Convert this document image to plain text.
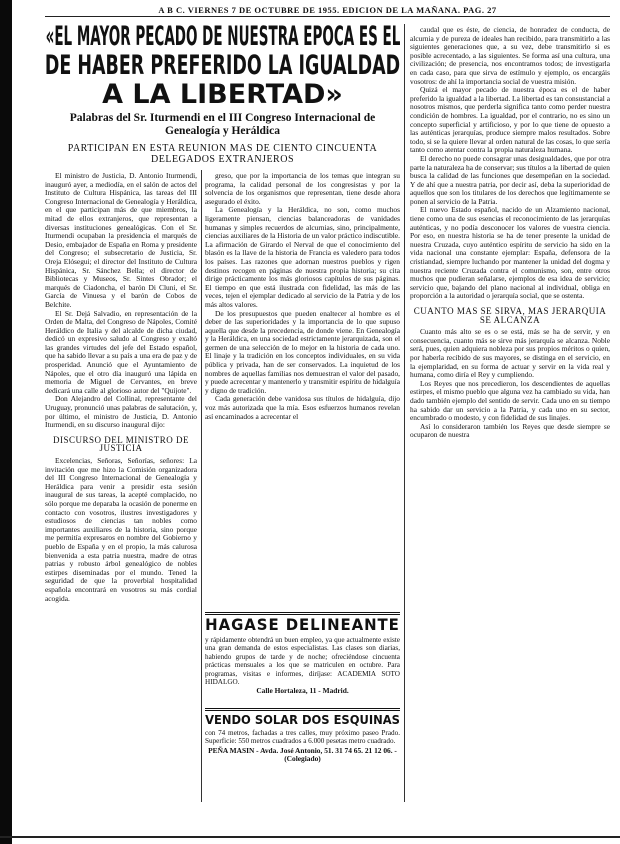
A B C. VIERNES 7 DE OCTUBRE DE 1955. EDICION DE LA MAÑANA. PAG. 27
«EL MAYOR PECADO DE NUESTRA EPOCA ES EL
DE HABER PREFERIDO LA IGUALDAD
A LA LIBERTAD»
Palabras del Sr. Iturmendi en el III Congreso Internacional de Genealogía y Heráldica
PARTICIPAN EN ESTA REUNION MAS DE CIENTO CINCUENTA DELEGADOS EXTRANJEROS

El ministro de Justicia, D. Antonio Iturmendi, inauguró ayer, a mediodía, en el salón de actos del Instituto de Cultura Hispánica, las tareas del III Congreso Internacional de Genealogía y Heráldica, en el que participan más de que miembros, la mitad de ellos extranjeros, que representan a diversas instituciones genealógicas. Con el Sr. Iturmendi ocupaban la presidencia el marqués de Desio, embajador de España en Roma y presidente del Congreso; el subsecretario de Justicia, Sr. Oreja Elósegui; el director del Instituto de Cultura Hispánica, Sr. Sánchez Bella; el director de Bibliotecas y Museos, Sr. Sintes Obrador; el marqués de Ciadoncha, el barón Di Cluni, el Sr. García de Vinuesa y el barón de Cobos de Belchite.

El Sr. Dejá Salvadio, en representación de la Orden de Malta, del Congreso de Nápoles, Comité Heráldico de Italia y del alcalde de dicha ciudad, dedicó un expresivo saludo al Congreso y exaltó las grandes virtudes del jefe del Estado español, que ha sabido llevar a su país a una era de paz y de prosperidad. Anunció que el Ayuntamiento de Nápoles, que el otro día inauguró una lápida en memoria de Miguel de Cervantes, en breve dedicará una calle al glorioso autor del "Quijote".

Don Alejandro del Collinal, representante del Uruguay, pronunció unas palabras de salutación, y, por último, el ministro de Justicia, D. Antonio Iturmendi, en su discurso inaugural dijo:

DISCURSO DEL MINISTRO DE JUSTICIA

Excelencias, Señoras, Señorías, señores: La invitación que me hizo la Comisión organizadora del III Congreso Internacional de Genealogía y Heráldica para venir a presidir esta sesión inaugural de sus tareas, la acepté complacido, no sólo porque me deparaba la ocasión de ponerme en contacto con vosotros, ilustres investigadores y estudiosos de ciencias tan nobles como importantes auxiliares de la historia, sino porque me permitía expresaros en nombre del Gobierno y pueblo de España y en el propio, la más calurosa bienvenida a esta patria nuestra, madre de otras patrias y robusto árbol genealógico de nobles estirpes diseminadas por el mundo. Tened la seguridad de que la proverbial hospitalidad española encontrará en vosotros su más cordial acogida.

greso, que por la importancia de los temas que integran su programa, la calidad personal de los congresistas y por la solvencia de los organismos que representan, tiene desde ahora asegurado el éxito.

La Genealogía y la Heráldica, no son, como muchos ligeramente piensan, ciencias balanceadoras de vanidades humanas y simples recuerdos de alcurnias, sino, principalmente, ciencias auxiliares de la Historia de un valor práctico indiscutible. La afirmación de Girardo el Nerval de que el conocimiento del blasón es la llave de la historia de Francia es valedero para todos los países. Las razones que adornan nuestros pueblos y rigen destinos recogen en páginas de nuestra propia historia; su cita dirige prácticamente los más gloriosos capítulos de sus páginas. El tiempo en que está ilustrada con fidelidad, las más de las veces, tejen el ejemplar dedicado al servicio de la Patria y de los más altos valores.

De los presupuestos que pueden enaltecer al hombre es el deber de las superioridades y la importancia de lo que supuso aquella que desde la precedencia, de donde viene. En Genealogía y la Heráldica, en una sociedad estrictamente jerarquizada, son el germen de una selección de lo mejor en la historia de cada uno. El linaje y la tradición en los conceptos individuales, en su vida pública y privada, han de ser conservados. La inquietud de los nombres de aquellas familias nos demuestran el valor del pasado, y puede acrecentar y mantenerlo y transmitir espíritu de hidalguía y digno de tradición.

Cada generación debe vanidosa sus títulos de hidalguía, dijo voz más autorizada que la mía. Esos esfuerzos humanos revelan así encaminados a acrecentar el

HAGASE DELINEANTE
y rápidamente obtendrá un buen empleo, ya que actualmente existe una gran demanda de estos especialistas. Las clases son diarias, habiendo grupos de tarde y de noche; ofreciéndose cincuenta prácticas mensuales a los que se matriculen en octubre. Para programas, visitas e informes, diríjase: ACADEMIA SOTO HIDALGO.
Calle Hortaleza, 11 - Madrid.
VENDO SOLAR DOS ESQUINAS
con 74 metros, fachadas a tres calles, muy próximo paseo Prado. Superficie: 550 metros cuadrados a 6.000 pesetas metro cuadrado.
PEÑA MASIN - Avda. José Antonio, 51. 31 74 65. 21 12 06. - (Colegiado)

caudal que es éste, de ciencia, de honradez de conducta, de alcurnia y de pureza de ideales han recibido, para transmitirlo a las siguientes generaciones que, a su vez, debe transmitirlo si es posible acrecentado, a las siguientes. Se forma así una cultura, una civilización; de presencia, nos encontramos todos; de investigarla en cada caso, para que sirva de estímulo y ejemplo, os encargáis vosotros: de ahí la importancia social de vuestra misión.

Quizá el mayor pecado de nuestra época es el de haber preferido la igualdad a la libertad. La libertad es tan consustancial a nosotros mismos, que perderla significa tanto como perder nuestra condición de hombres. La igualdad, por el contrario, no es sino un concepto superficial y artificioso, y por lo que tiene de opuesto a las auténticas jerarquías, produce siempre malos resultados. Sobre todo, si se la quiere llevar al orden natural de las cosas, lo que sería tanto como atentar contra la propia naturaleza humana.

El derecho no puede consagrar unas desigualdades, que por otra parte la naturaleza ha de conservar; sus títulos a la libertad de quien busca la calidad de las funciones que desempeñan en la sociedad. Y de ahí que a nuestra patria, por decir así, deba la superioridad de aquellos que son los titulares de los derechos que legítimamente se ponen al servicio de la Patria.

El nuevo Estado español, nacido de un Alzamiento nacional, tiene como una de sus esencias el reconocimiento de las jerarquías auténticas, y no podía desconocer los valores de vuestra ciencia. Por eso, en nuestra historia se ha de tener presente la unidad de nuestra Cruzada, cuyo auténtico espíritu de servicio ha sido en la vida nacional una constante ejemplar: España, defensora de la cristiandad, siempre luchando por mantener la unidad del dogma y nuestra reciente Cruzada contra el comunismo, son, entre otros muchos que pudieran señalarse, ejemplos de esa idea de servicio; servicio que, bajando del plano nacional al individual, obliga en proporción a la autoridad o jerarquía social, que se ostenta.

CUANTO MAS SE SIRVA, MAS JERARQUIA SE ALCANZA

Cuanto más alto se es o se está, más se ha de servir, y en consecuencia, cuanto más se sirve más jerarquía se alcanza. Noble será, pues, quien adquiera nobleza por sus propios méritos o quien, por haberla recibido de sus mayores, se distinga en el servicio, en la ejemplaridad, en su forma de actuar y servir en la vida real y humana, como diría el Rey y cumpliendo.

Los Reyes que nos precedieron, los descendientes de aquellas estirpes, el mismo pueblo que alguna vez ha cambiado su vida, han dado también ejemplo del sentido de servir. Cada uno en su tiempo ha sabido dar un servicio a la Patria, y cada uno en su sector, encumbrado o modesto, y con fidelidad de sus linajes.

Así lo consideraron también los Reyes que desde siempre se ocuparon de nuestra
